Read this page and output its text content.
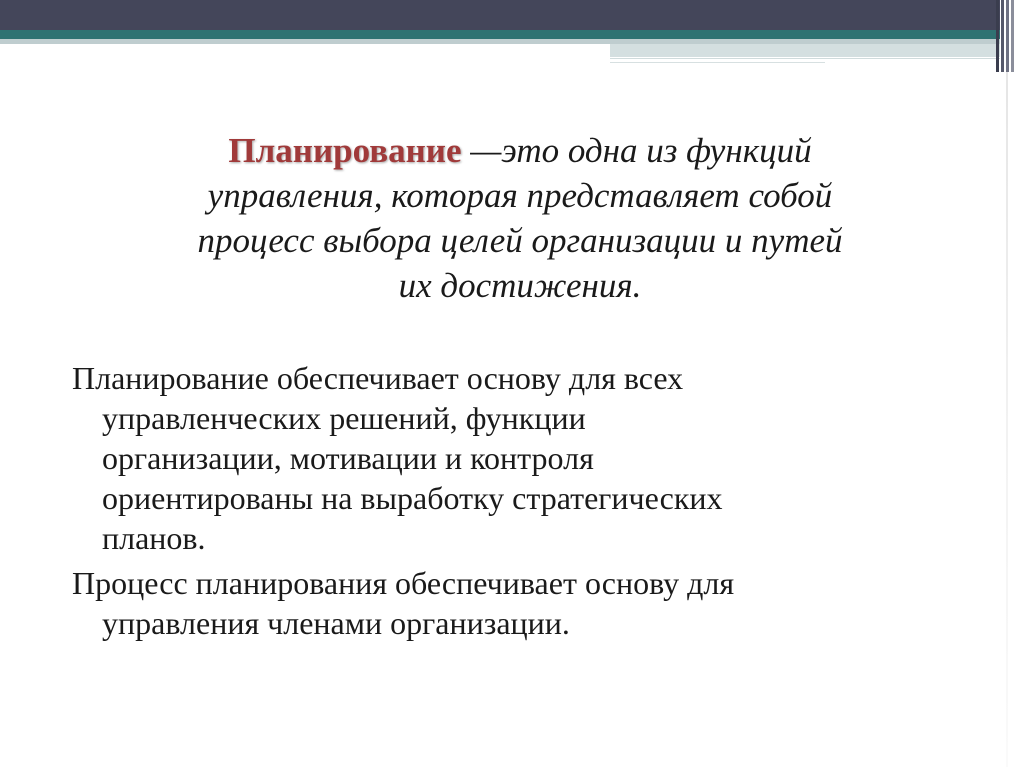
Планирование —это одна из функций
управления, которая представляет собой
процесс выбора целей организации и путей
их достижения.
Планирование обеспечивает основу для всех
управленческих решений, функции
организации, мотивации и контроля
ориентированы на выработку стратегических
планов.
Процесс планирования обеспечивает основу для
управления членами организации.
